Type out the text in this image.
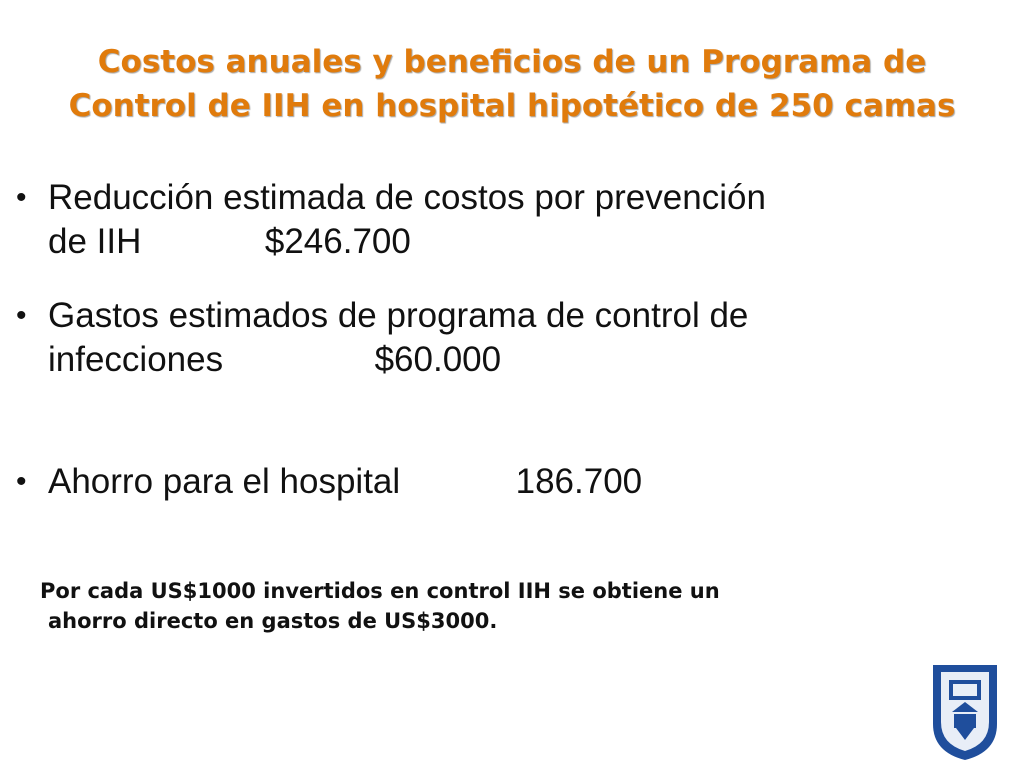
Costos anuales y beneficios de un Programa de Control de IIH en hospital hipotético de 250 camas
• Reducción estimada de costos por prevención
de IIH	$246.700
• Gastos estimados de programa de control de
infecciones	$60.000
• Ahorro para el hospital	186.700

Por cada US$1000 invertidos en control IIH se obtiene un
ahorro directo en gastos de US$3000.
